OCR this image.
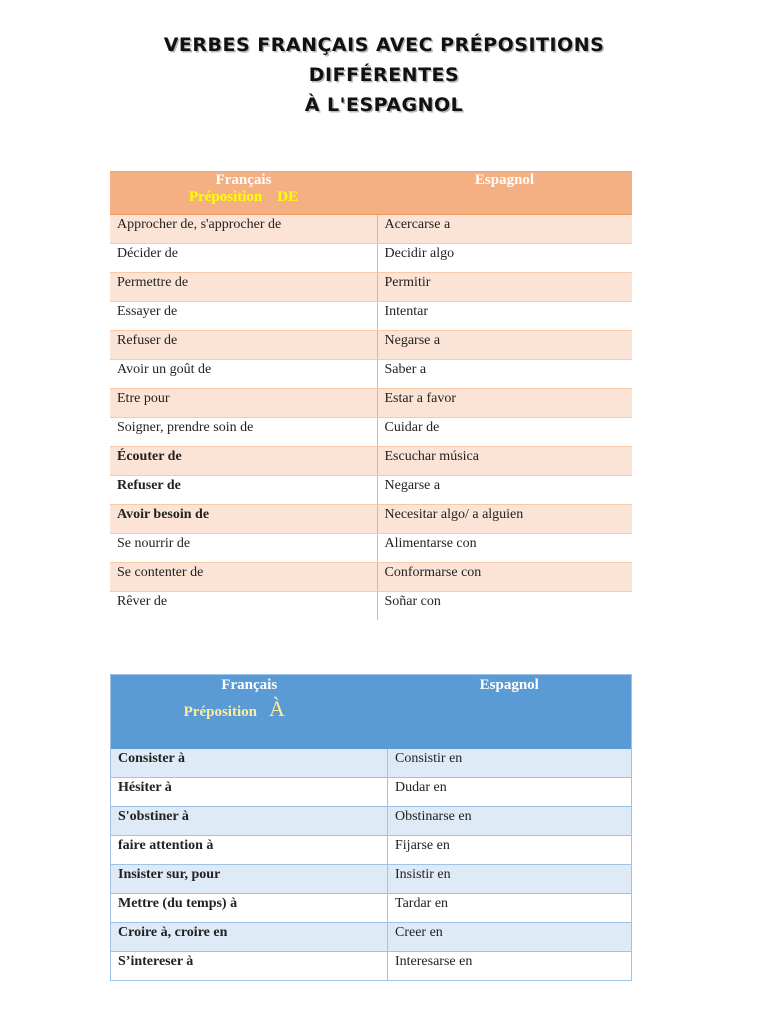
VERBES FRANÇAIS AVEC PRÉPOSITIONS
DIFFÉRENTES
À L'ESPAGNOL
Français
Préposition DE	Espagnol
Approcher de, s'approcher de	Acercarse a
Décider de	Decidir algo
Permettre de	Permitir
Essayer de	Intentar
Refuser de	Negarse a
Avoir un goût de	Saber a
Etre pour	Estar a favor
Soigner, prendre soin de	Cuidar de
Écouter de	Escuchar música
Refuser de	Negarse a
Avoir besoin de	Necesitar algo/ a alguien
Se nourrir de	Alimentarse con
Se contenter de	Conformarse con
Rêver de	Soñar con
Français
Préposition À	Espagnol
Consister à	Consistir en
Hésiter à	Dudar en
S'obstiner à	Obstinarse en
faire attention à	Fijarse en
Insister sur, pour	Insistir en
Mettre (du temps) à	Tardar en
Croire à, croire en	Creer en
S’intereser à	Interesarse en
